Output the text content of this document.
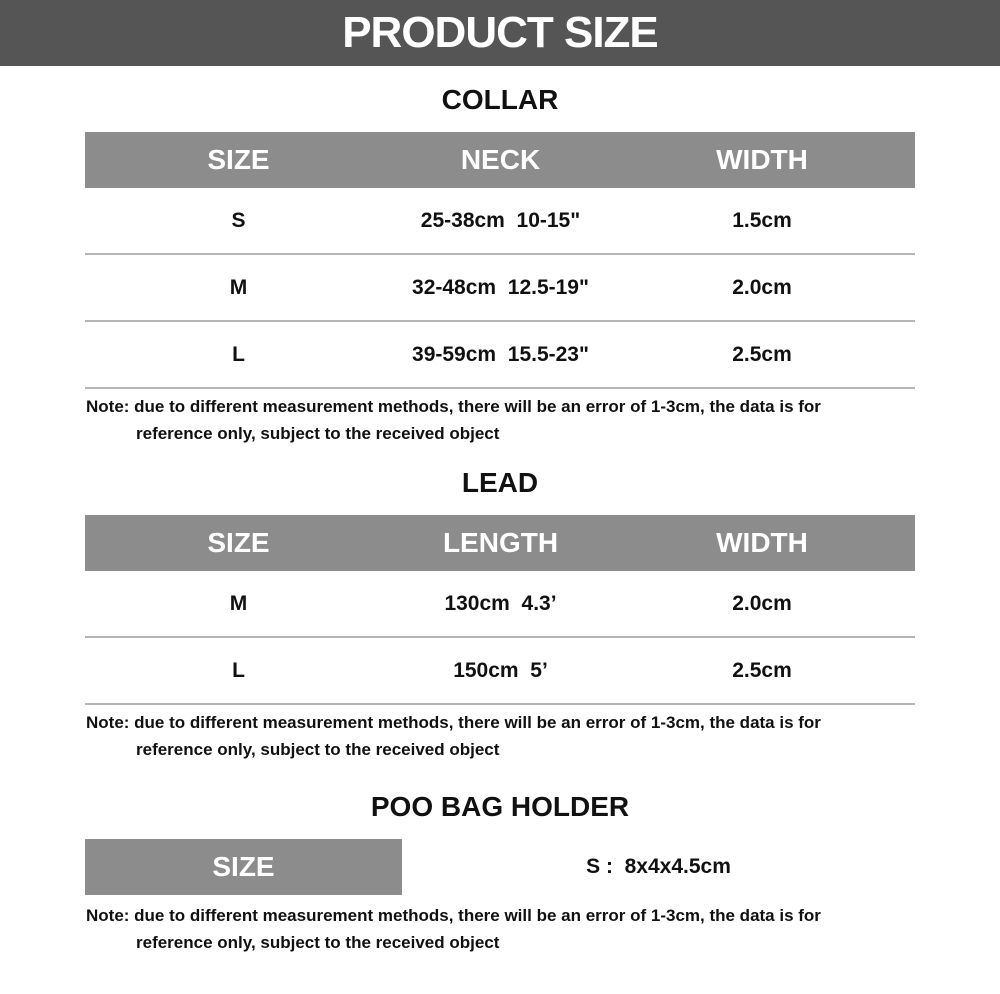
PRODUCT SIZE
COLLAR
SIZE	NECK	WIDTH
S	25-38cm  10-15"	1.5cm
M	32-48cm  12.5-19"	2.0cm
L	39-59cm  15.5-23"	2.5cm
Note: due to different measurement methods, there will be an error of 1-3cm, the data is for
reference only, subject to the received object
LEAD
SIZE	LENGTH	WIDTH
M	130cm  4.3’	2.0cm
L	150cm  5’	2.5cm
Note: due to different measurement methods, there will be an error of 1-3cm, the data is for
reference only, subject to the received object
POO BAG HOLDER
SIZE	S :  8x4x4.5cm
Note: due to different measurement methods, there will be an error of 1-3cm, the data is for
reference only, subject to the received object
